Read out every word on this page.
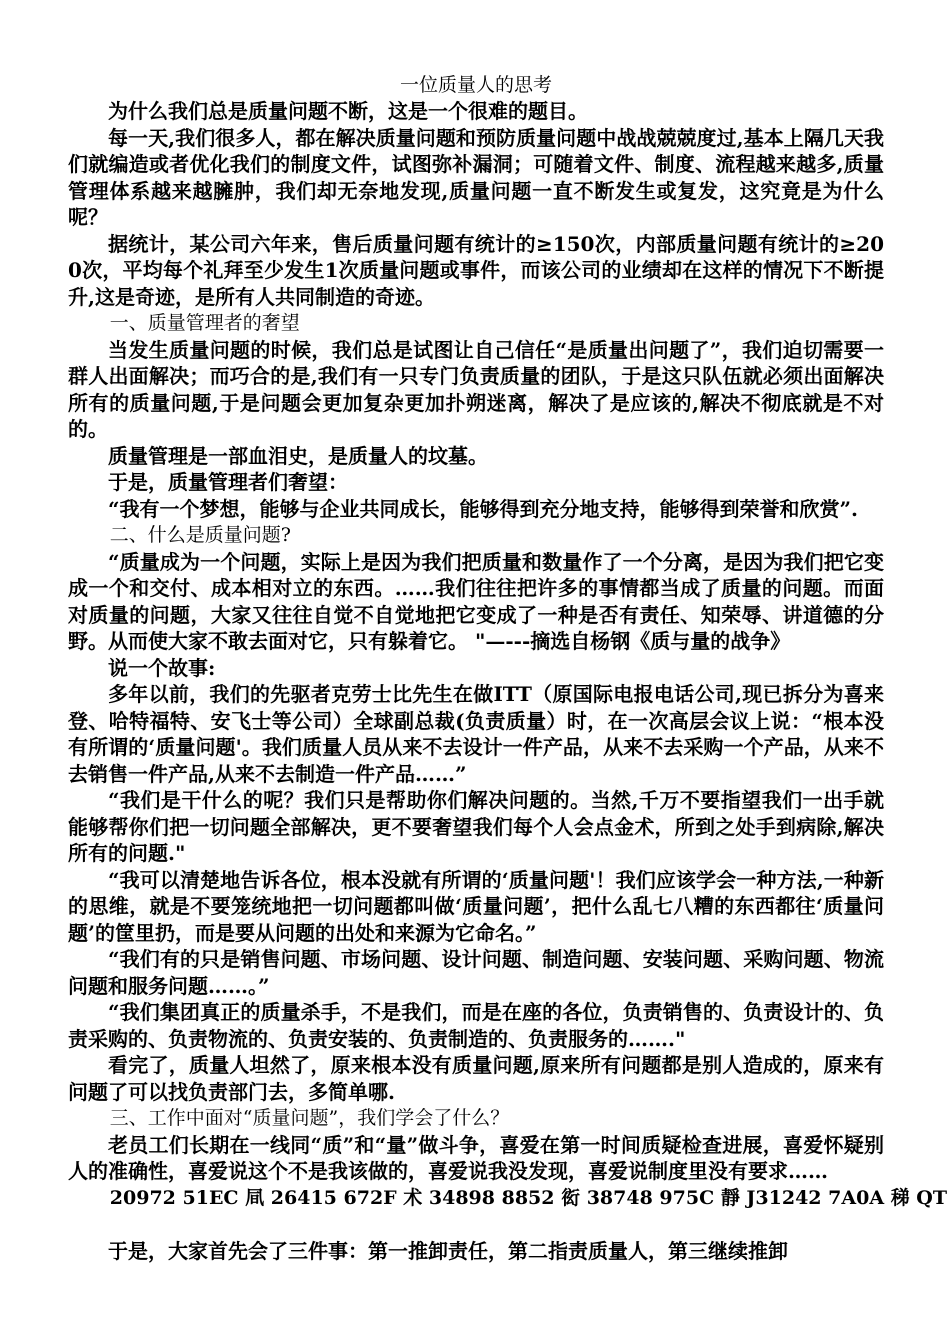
一位质量人的思考

为什么我们总是质量问题不断，这是一个很难的题目。

每一天,我们很多人，都在解决质量问题和预防质量问题中战战兢兢度过,基本上隔几天我们就编造或者优化我们的制度文件，试图弥补漏洞；可随着文件、制度、流程越来越多,质量管理体系越来越臃肿，我们却无奈地发现,质量问题一直不断发生或复发，这究竟是为什么呢？

据统计，某公司六年来，售后质量问题有统计的≥150次，内部质量问题有统计的≥200次，平均每个礼拜至少发生1次质量问题或事件，而该公司的业绩却在这样的情况下不断提升,这是奇迹，是所有人共同制造的奇迹。

一、质量管理者的奢望

当发生质量问题的时候，我们总是试图让自己信任“是质量出问题了”，我们迫切需要一群人出面解决；而巧合的是,我们有一只专门负责质量的团队，于是这只队伍就必须出面解决所有的质量问题,于是问题会更加复杂更加扑朔迷离，解决了是应该的,解决不彻底就是不对的。

质量管理是一部血泪史，是质量人的坟墓。

于是，质量管理者们奢望：

“我有一个梦想，能够与企业共同成长，能够得到充分地支持，能够得到荣誉和欣赏”.

二、什么是质量问题?

“质量成为一个问题，实际上是因为我们把质量和数量作了一个分离，是因为我们把它变成一个和交付、成本相对立的东西。……我们往往把许多的事情都当成了质量的问题。而面对质量的问题，大家又往往自觉不自觉地把它变成了一种是否有责任、知荣辱、讲道德的分野。从而使大家不敢去面对它，只有躲着它。 "—---摘选自杨钢《质与量的战争》

说一个故事:

多年以前，我们的先驱者克劳士比先生在做ITT（原国际电报电话公司,现已拆分为喜来登、哈特福特、安飞士等公司）全球副总裁(负责质量）时，在一次高层会议上说：“根本没有所谓的‘质量问题'。我们质量人员从来不去设计一件产品，从来不去采购一个产品，从来不去销售一件产品,从来不去制造一件产品……”

“我们是干什么的呢？我们只是帮助你们解决问题的。当然,千万不要指望我们一出手就能够帮你们把一切问题全部解决，更不要奢望我们每个人会点金术，所到之处手到病除,解决所有的问题."

“我可以清楚地告诉各位，根本没就有所谓的‘质量问题'！我们应该学会一种方法,一种新的思维，就是不要笼统地把一切问题都叫做‘质量问题’，把什么乱七八糟的东西都往‘质量问题’的筐里扔，而是要从问题的出处和来源为它命名。”

“我们有的只是销售问题、市场问题、设计问题、制造问题、安装问题、采购问题、物流问题和服务问题……。”

“我们集团真正的质量杀手，不是我们，而是在座的各位，负责销售的、负责设计的、负责采购的、负责物流的、负责安装的、负责制造的、负责服务的……."

看完了，质量人坦然了，原来根本没有质量问题,原来所有问题都是别人造成的，原来有问题了可以找负责部门去，多简单哪.

三、工作中面对“质量问题”，我们学会了什么？

老员工们长期在一线同“质”和“量”做斗争，喜爱在第一时间质疑检查进展，喜爱怀疑别人的准确性，喜爱说这个不是我该做的，喜爱说我没发现，喜爱说制度里没有要求……

20972 51EC 凬 26415 672F 术 34898 8852 衒 38748 975C 靜 J31242 7A0A 稊 QT

于是，大家首先会了三件事：第一推卸责任，第二指责质量人，第三继续推卸
